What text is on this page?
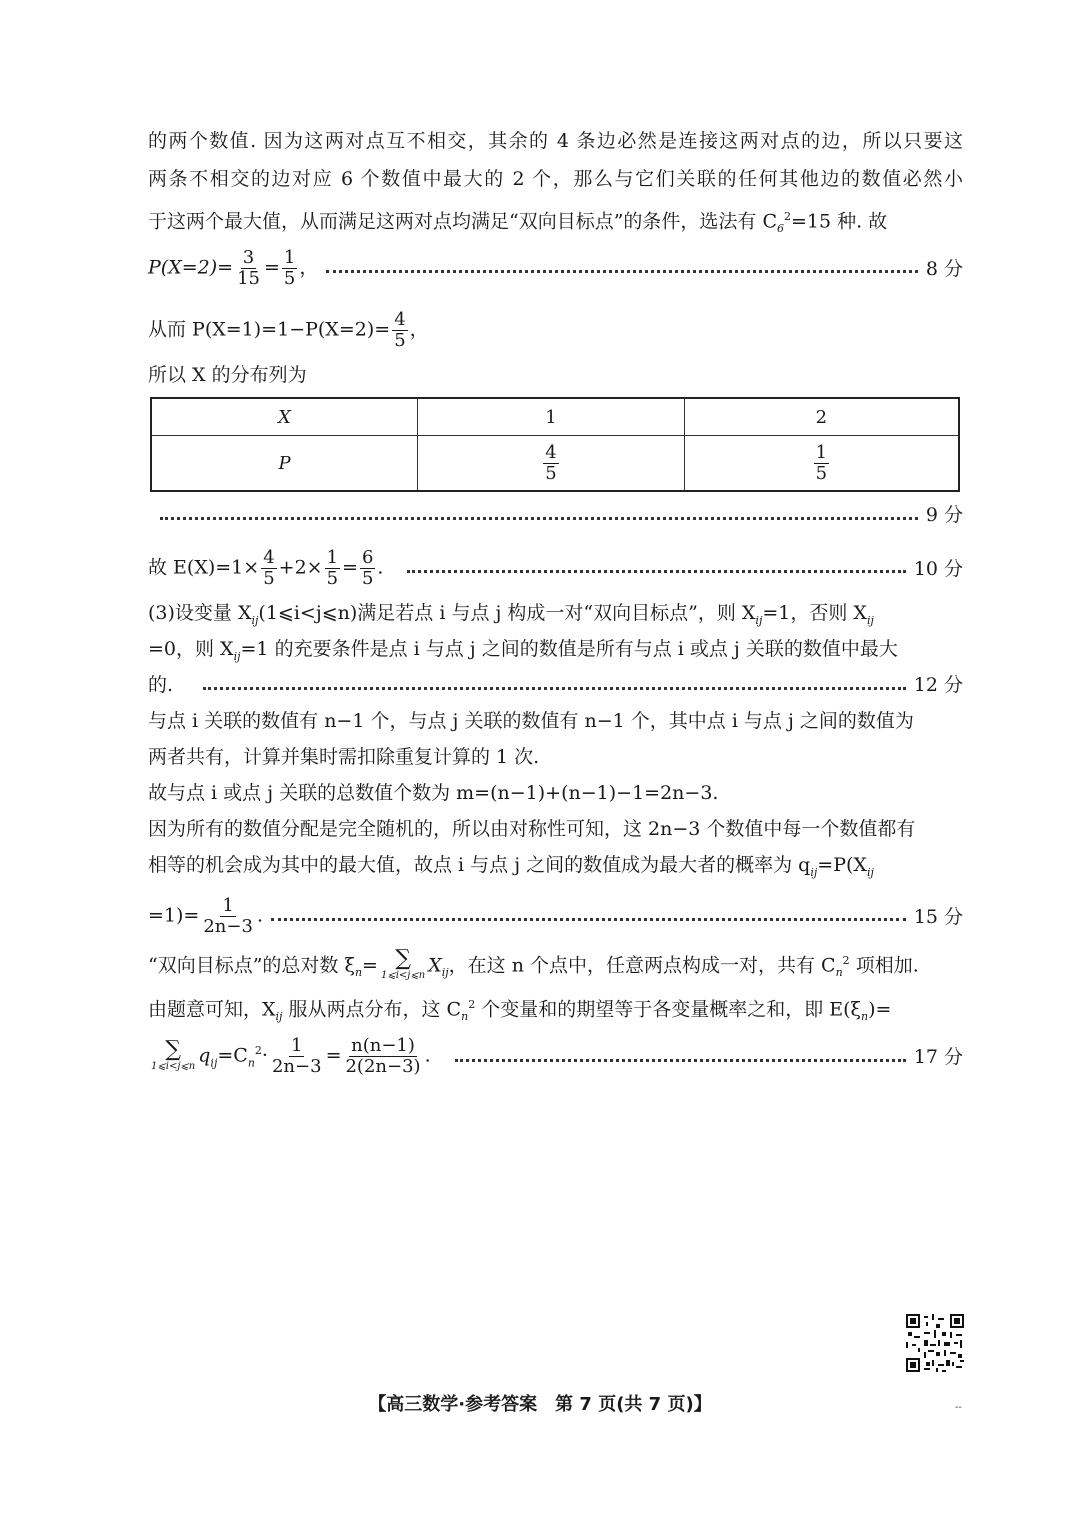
的两个数值. 因为这两对点互不相交，其余的 4 条边必然是连接这两对点的边，所以只要这
两条不相交的边对应 6 个数值中最大的 2 个，那么与它们关联的任何其他边的数值必然小
于这两个最大值，从而满足这两对点均满足“双向目标点”的条件，选法有 $C_6^2=15$ 种. 故
$P(X=2)= \frac{3}{15} = \frac{1}{5}$ ，	8 分
从而 $P(X=1)=1-P(X=2)= \frac{4}{5}$ ，
所以 X 的分布列为
X	1	2
P	$\frac{4}{5}$	$\frac{1}{5}$
9 分
故 $E(X)=1\times \frac{4}{5} +2\times \frac{1}{5} = \frac{6}{5}$ .	10 分
(3)设变量 $X_{ij}(1⩽i<j⩽n)$满足若点 i 与点 j 构成一对“双向目标点”，则 $X_{ij}=1$，否则 $X_{ij}$
=0，则 $X_{ij}=1$ 的充要条件是点 i 与点 j 之间的数值是所有与点 i 或点 j 关联的数值中最大
的.	12 分
与点 i 关联的数值有 n−1 个，与点 j 关联的数值有 n−1 个，其中点 i 与点 j 之间的数值为
两者共有，计算并集时需扣除重复计算的 1 次.
故与点 i 或点 j 关联的总数值个数为 m=(n−1)+(n−1)−1=2n−3.
因为所有的数值分配是完全随机的，所以由对称性可知，这 2n−3 个数值中每一个数值都有
相等的机会成为其中的最大值，故点 i 与点 j 之间的数值成为最大者的概率为 $q_{ij}=P(X_{ij}$
$=1)= \frac{1}{2n-3}$ .	15 分
“双向目标点”的总对数 $\xi_n=$ ∑
1⩽i<j⩽n $X_{ij}$，在这 n 个点中，任意两点构成一对，共有 $C_n^2$ 项相加.
由题意可知，$X_{ij}$ 服从两点分布，这 $C_n^2$ 个变量和的期望等于各变量概率之和，即 $E(\xi_n)=$
∑
1⩽i<j⩽n $q_{ij}=C_n^2\cdot \frac{1}{2n-3} = \frac{n(n-1)}{2(2n-3)}$ .	17 分
【高三数学·参考答案　第 7 页(共 7 页)】	--
